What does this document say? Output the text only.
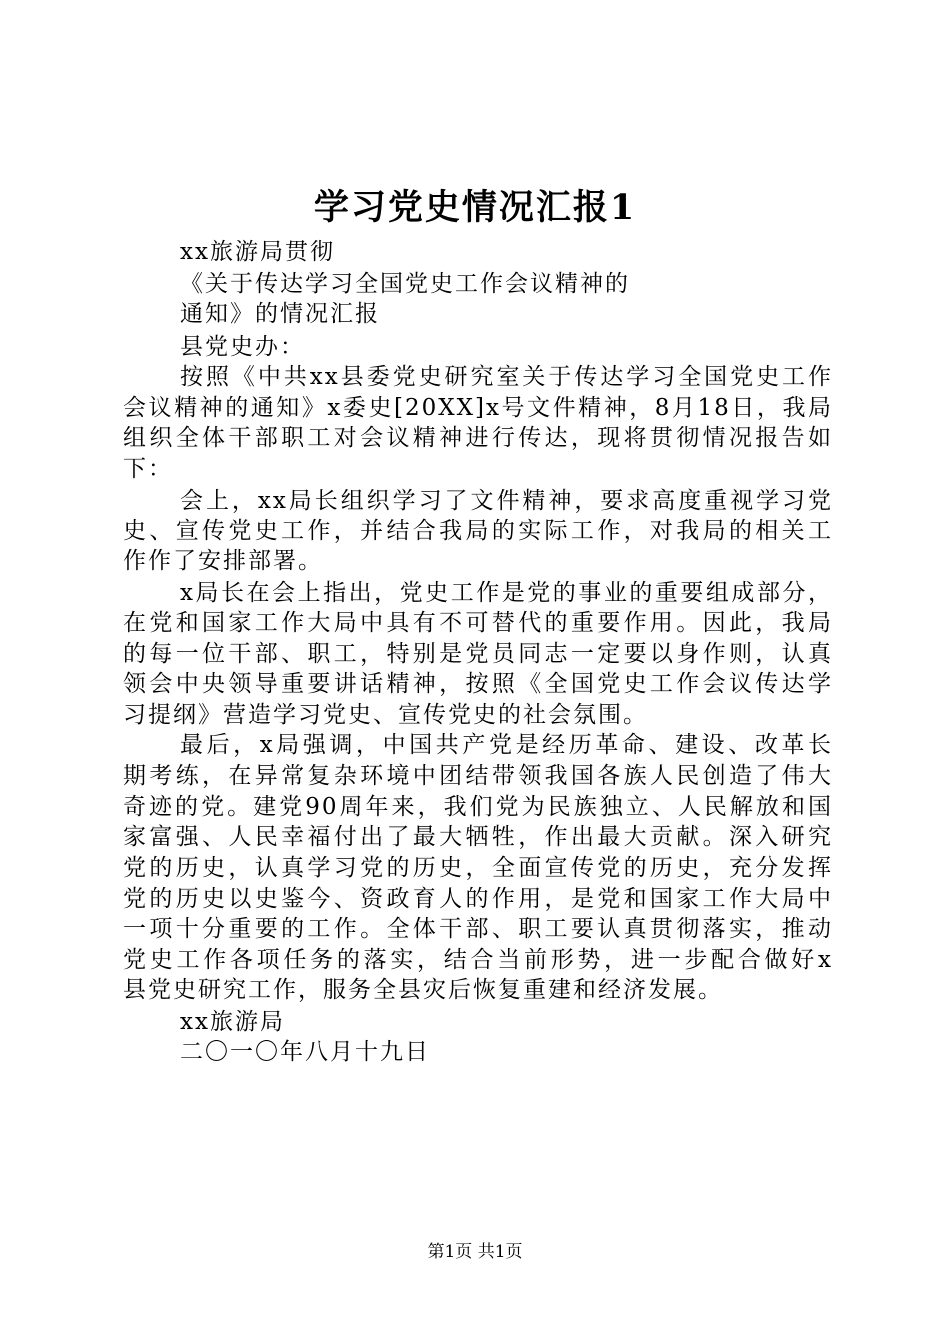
学习党史情况汇报1
xx旅游局贯彻
《关于传达学习全国党史工作会议精神的
通知》的情况汇报
县党史办：
按照《中共xx县委党史研究室关于传达学习全国党史工作
会议精神的通知》x委史[20XX]x号文件精神，8月18日，我局
组织全体干部职工对会议精神进行传达，现将贯彻情况报告如
下：
会上，xx局长组织学习了文件精神，要求高度重视学习党
史、宣传党史工作，并结合我局的实际工作，对我局的相关工
作作了安排部署。
x局长在会上指出，党史工作是党的事业的重要组成部分，
在党和国家工作大局中具有不可替代的重要作用。因此，我局
的每一位干部、职工，特别是党员同志一定要以身作则，认真
领会中央领导重要讲话精神，按照《全国党史工作会议传达学
习提纲》营造学习党史、宣传党史的社会氛围。
最后，x局强调，中国共产党是经历革命、建设、改革长
期考练，在异常复杂环境中团结带领我国各族人民创造了伟大
奇迹的党。建党90周年来，我们党为民族独立、人民解放和国
家富强、人民幸福付出了最大牺牲，作出最大贡献。深入研究
党的历史，认真学习党的历史，全面宣传党的历史，充分发挥
党的历史以史鉴今、资政育人的作用，是党和国家工作大局中
一项十分重要的工作。全体干部、职工要认真贯彻落实，推动
党史工作各项任务的落实，结合当前形势，进一步配合做好x
县党史研究工作，服务全县灾后恢复重建和经济发展。
xx旅游局
二〇一〇年八月十九日
第1页 共1页
